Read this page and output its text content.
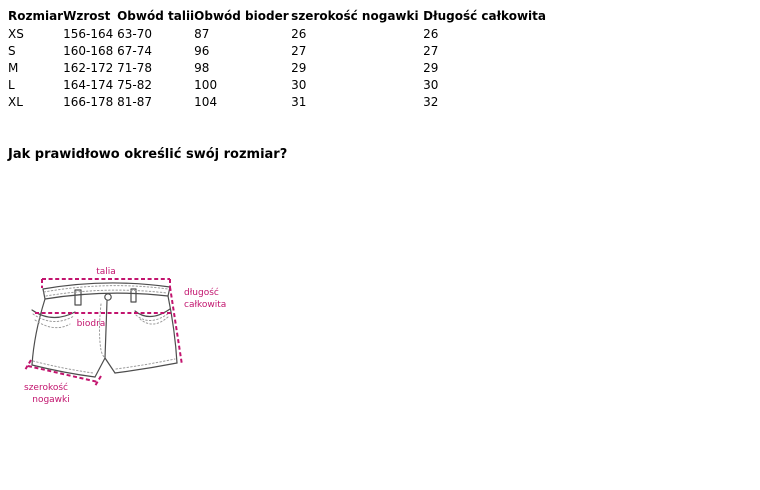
Rozmiar	Wzrost	Obwód talii	Obwód bioder	szerokość nogawki	Długość całkowita
XS	156-164	63-70	87	26	26
S	160-168	67-74	96	27	27
M	162-172	71-78	98	29	29
L	164-174	75-82	100	30	30
XL	166-178	81-87	104	31	32
Jak prawidłowo określić swój rozmiar?
talia
długość
całkowita
biodra
szerokość
nogawki
